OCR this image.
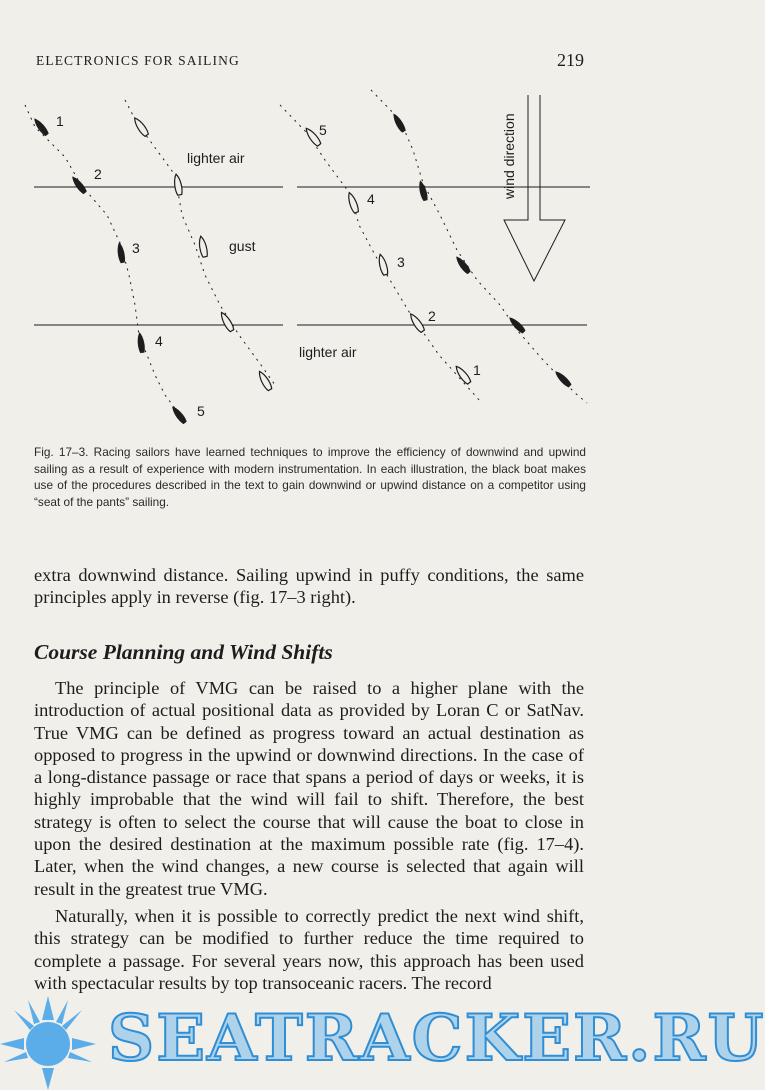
ELECTRONICS FOR SAILING	219
1
2
3
4
5
lighter air
gust
5
4
3
2
1
lighter air
wind direction
Fig. 17–3. Racing sailors have learned techniques to improve the efficiency of downwind and upwind sailing as a result of experience with modern instrumentation. In each illustration, the black boat makes use of the procedures described in the text to gain downwind or upwind distance on a competitor using “seat of the pants” sailing.
extra downwind distance. Sailing upwind in puffy conditions, the same principles apply in reverse (fig. 17–3 right).
Course Planning and Wind Shifts
The principle of VMG can be raised to a higher plane with the introduction of actual positional data as provided by Loran C or SatNav. True VMG can be defined as progress toward an actual destination as opposed to progress in the upwind or downwind directions. In the case of a long-distance passage or race that spans a period of days or weeks, it is highly improbable that the wind will fail to shift. Therefore, the best strategy is often to select the course that will cause the boat to close in upon the desired destination at the maximum possible rate (fig. 17–4). Later, when the wind changes, a new course is selected that again will result in the greatest true VMG.
Naturally, when it is possible to correctly predict the next wind shift, this strategy can be modified to further reduce the time required to complete a passage. For several years now, this approach has been used with spectacular results by top transoceanic racers. The record
SEATRACKER.RU
